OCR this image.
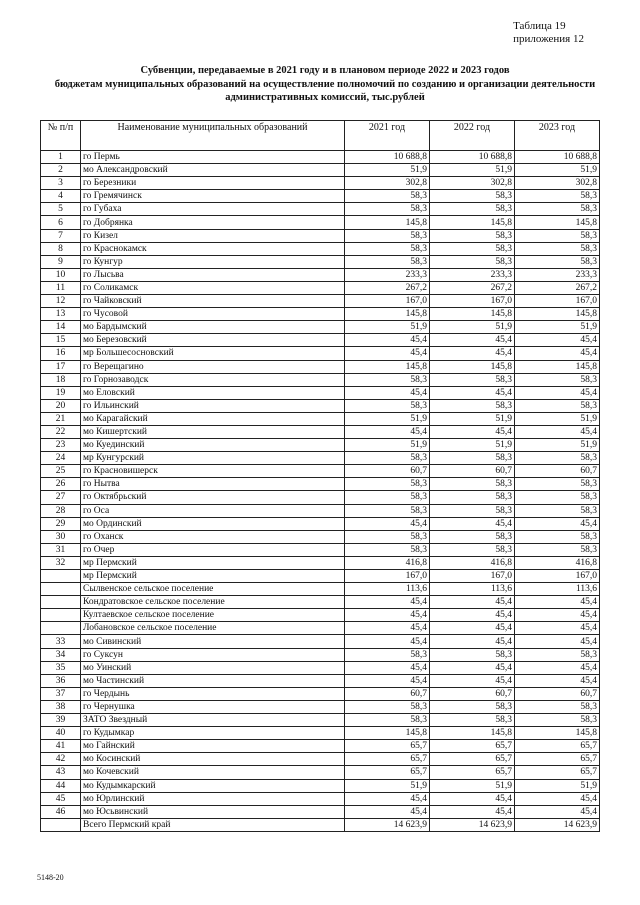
Таблица 19
приложения 12
Субвенции, передаваемые в 2021 году и в плановом периоде 2022 и 2023 годов
бюджетам муниципальных образований на осуществление полномочий по созданию и организации деятельности
административных комиссий, тыс.рублей
№ п/п	Наименование муниципальных образований	2021 год	2022 год	2023 год
1	го Пермь	10 688,8	10 688,8	10 688,8
2	мо Александровский	51,9	51,9	51,9
3	го Березники	302,8	302,8	302,8
4	го Гремячинск	58,3	58,3	58,3
5	го Губаха	58,3	58,3	58,3
6	го Добрянка	145,8	145,8	145,8
7	го Кизел	58,3	58,3	58,3
8	го Краснокамск	58,3	58,3	58,3
9	го Кунгур	58,3	58,3	58,3
10	го Лысьва	233,3	233,3	233,3
11	го Соликамск	267,2	267,2	267,2
12	го Чайковский	167,0	167,0	167,0
13	го Чусовой	145,8	145,8	145,8
14	мо Бардымский	51,9	51,9	51,9
15	мо Березовский	45,4	45,4	45,4
16	мр Большесосновский	45,4	45,4	45,4
17	го Верещагино	145,8	145,8	145,8
18	го Горнозаводск	58,3	58,3	58,3
19	мо Еловский	45,4	45,4	45,4
20	го Ильинский	58,3	58,3	58,3
21	мо Карагайский	51,9	51,9	51,9
22	мо Кишертский	45,4	45,4	45,4
23	мо Куединский	51,9	51,9	51,9
24	мр Кунгурский	58,3	58,3	58,3
25	го Красновишерск	60,7	60,7	60,7
26	го Нытва	58,3	58,3	58,3
27	го Октябрьский	58,3	58,3	58,3
28	го Оса	58,3	58,3	58,3
29	мо Ординский	45,4	45,4	45,4
30	го Оханск	58,3	58,3	58,3
31	го Очер	58,3	58,3	58,3
32	мр Пермский	416,8	416,8	416,8
	мр Пермский	167,0	167,0	167,0
	Сылвенское сельское поселение	113,6	113,6	113,6
	Кондратовское сельское поселение	45,4	45,4	45,4
	Култаевское сельское поселение	45,4	45,4	45,4
	Лобановское сельское поселение	45,4	45,4	45,4
33	мо Сивинский	45,4	45,4	45,4
34	го Суксун	58,3	58,3	58,3
35	мо Уинский	45,4	45,4	45,4
36	мо Частинский	45,4	45,4	45,4
37	го Чердынь	60,7	60,7	60,7
38	го Чернушка	58,3	58,3	58,3
39	ЗАТО Звездный	58,3	58,3	58,3
40	го Кудымкар	145,8	145,8	145,8
41	мо Гайнский	65,7	65,7	65,7
42	мо Косинский	65,7	65,7	65,7
43	мо Кочевский	65,7	65,7	65,7
44	мо Кудымкарский	51,9	51,9	51,9
45	мо Юрлинский	45,4	45,4	45,4
46	мо Юсьвинский	45,4	45,4	45,4
	Всего Пермский край	14 623,9	14 623,9	14 623,9
5148-20
